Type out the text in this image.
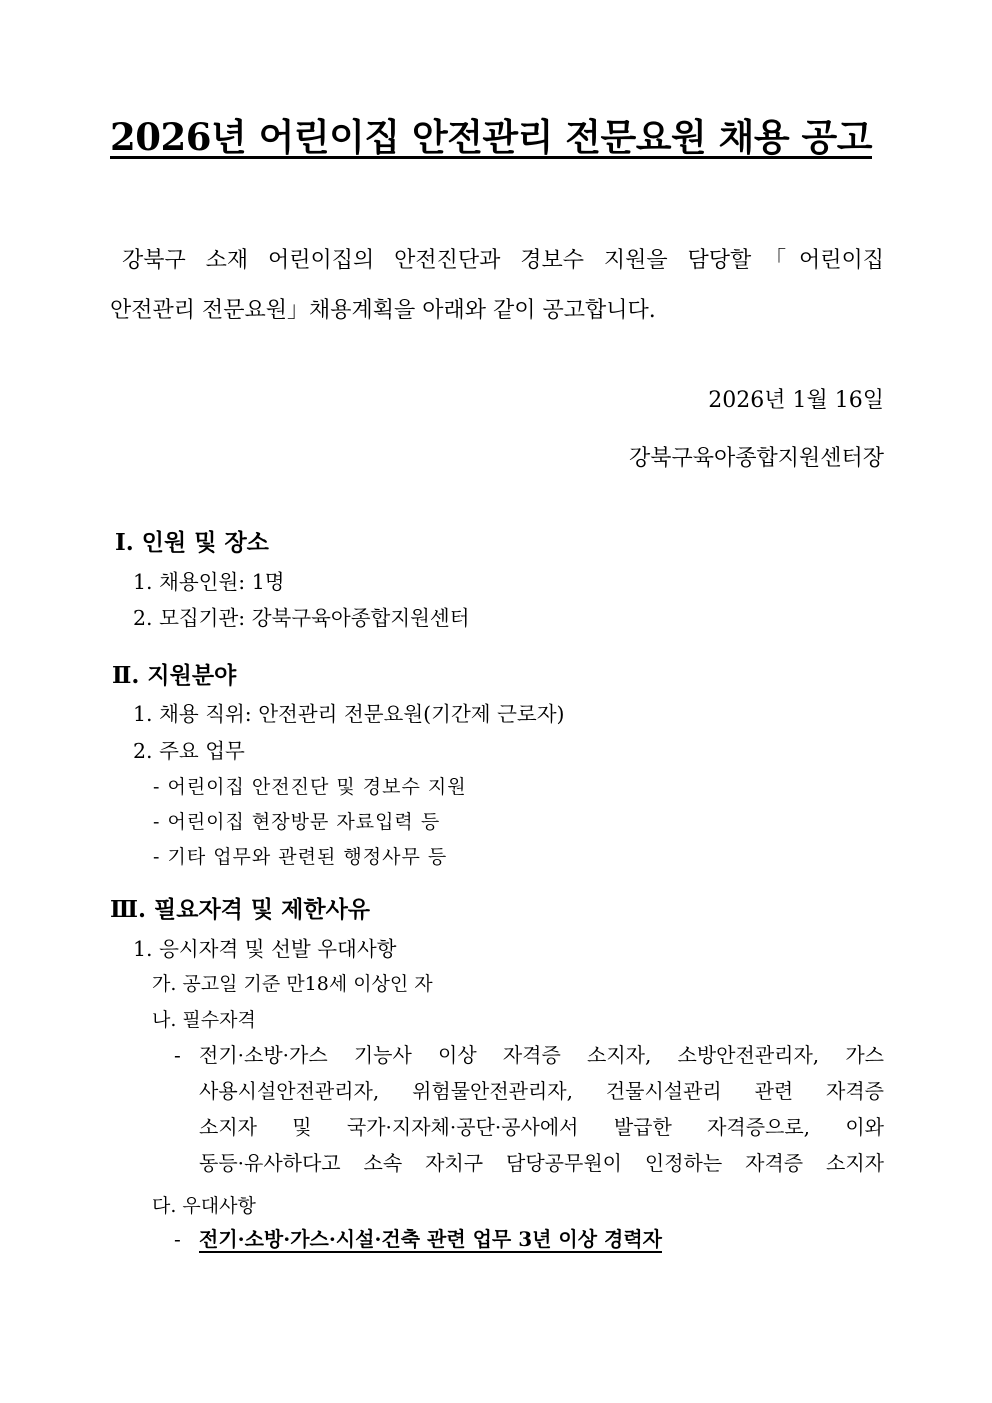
2026년 어린이집 안전관리 전문요원 채용 공고
강북구 소재 어린이집의 안전진단과 경보수 지원을 담당할「어린이집
안전관리 전문요원」채용계획을 아래와 같이 공고합니다.
2026년 1월 16일
강북구육아종합지원센터장
Ⅰ. 인원 및 장소
1. 채용인원: 1명
2. 모집기관: 강북구육아종합지원센터
Ⅱ. 지원분야
1. 채용 직위: 안전관리 전문요원(기간제 근로자)
2. 주요 업무
- 어린이집 안전진단 및 경보수 지원
- 어린이집 현장방문 자료입력 등
- 기타 업무와 관련된 행정사무 등
Ⅲ. 필요자격 및 제한사유
1. 응시자격 및 선발 우대사항
가. 공고일 기준 만18세 이상인 자
나. 필수자격
- 전기·소방·가스 기능사 이상 자격증 소지자, 소방안전관리자, 가스
사용시설안전관리자, 위험물안전관리자, 건물시설관리 관련 자격증
소지자 및 국가·지자체·공단·공사에서 발급한 자격증으로, 이와
동등·유사하다고 소속 자치구 담당공무원이 인정하는 자격증 소지자
다. 우대사항
- 전기·소방·가스·시설·건축 관련 업무 3년 이상 경력자
